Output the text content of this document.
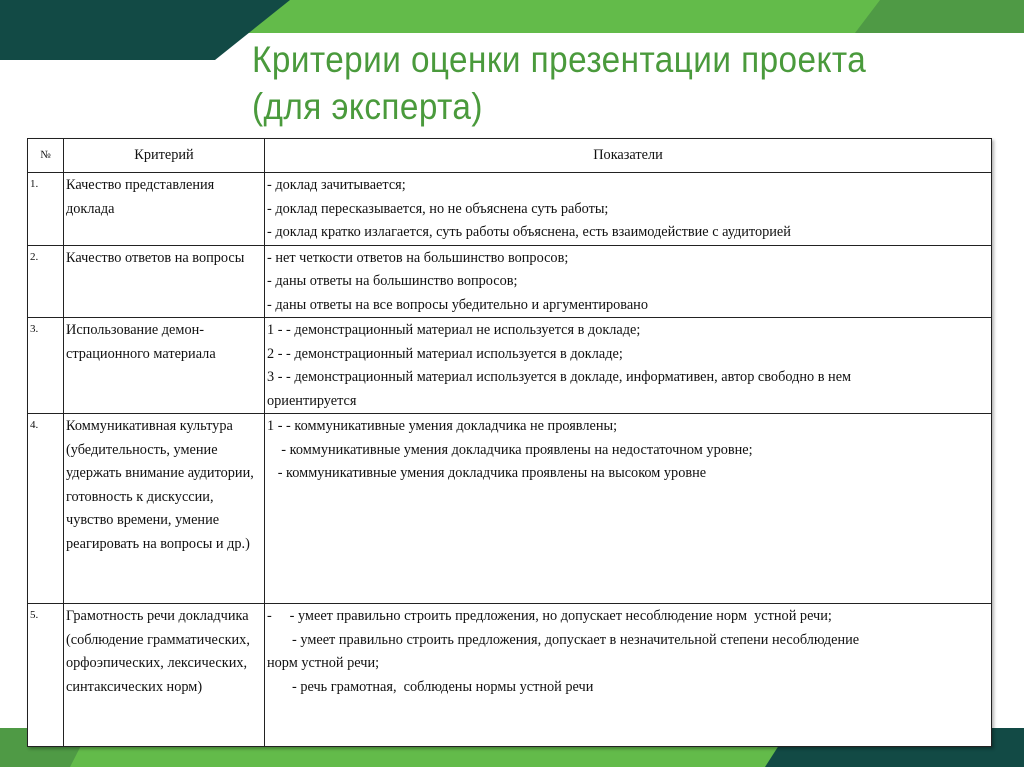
Критерии оценки презентации проекта (для эксперта)
№	Критерий	Показатели
1.	Качество представления доклада	- доклад зачитывается;
- доклад пересказывается, но не объяснена суть работы;
- доклад кратко излагается, суть работы объяснена, есть взаимодействие с аудиторией

2.	Качество ответов на вопросы	- нет четкости ответов на большинство вопросов;
- даны ответы на большинство вопросов;
- даны ответы на все вопросы убедительно и аргументировано

3.	Использование демон-страционного материала	1 - - демонстрационный материал не используется в докладе;
2 - - демонстрационный материал используется в докладе;
3 - - демонстрационный материал используется в докладе, информативен, автор свободно в нем
ориентируется

4.	Коммуникативная культура (убедительность, умение удержать внимание аудитории, готовность к дискуссии, чувство времени, умение реагировать на вопросы и др.)	1 - - коммуникативные умения докладчика не проявлены;
- коммуникативные умения докладчика проявлены на недостаточном уровне;
- коммуникативные умения докладчика проявлены на высоком уровне

5.	Грамотность речи докладчика (соблюдение грамматических, орфоэпических, лексических, синтаксических норм)	-     - умеет правильно строить предложения, но допускает несоблюдение норм  устной речи;
- умеет правильно строить предложения, допускает в незначительной степени несоблюдение
норм устной речи;
- речь грамотная,  соблюдены нормы устной речи
